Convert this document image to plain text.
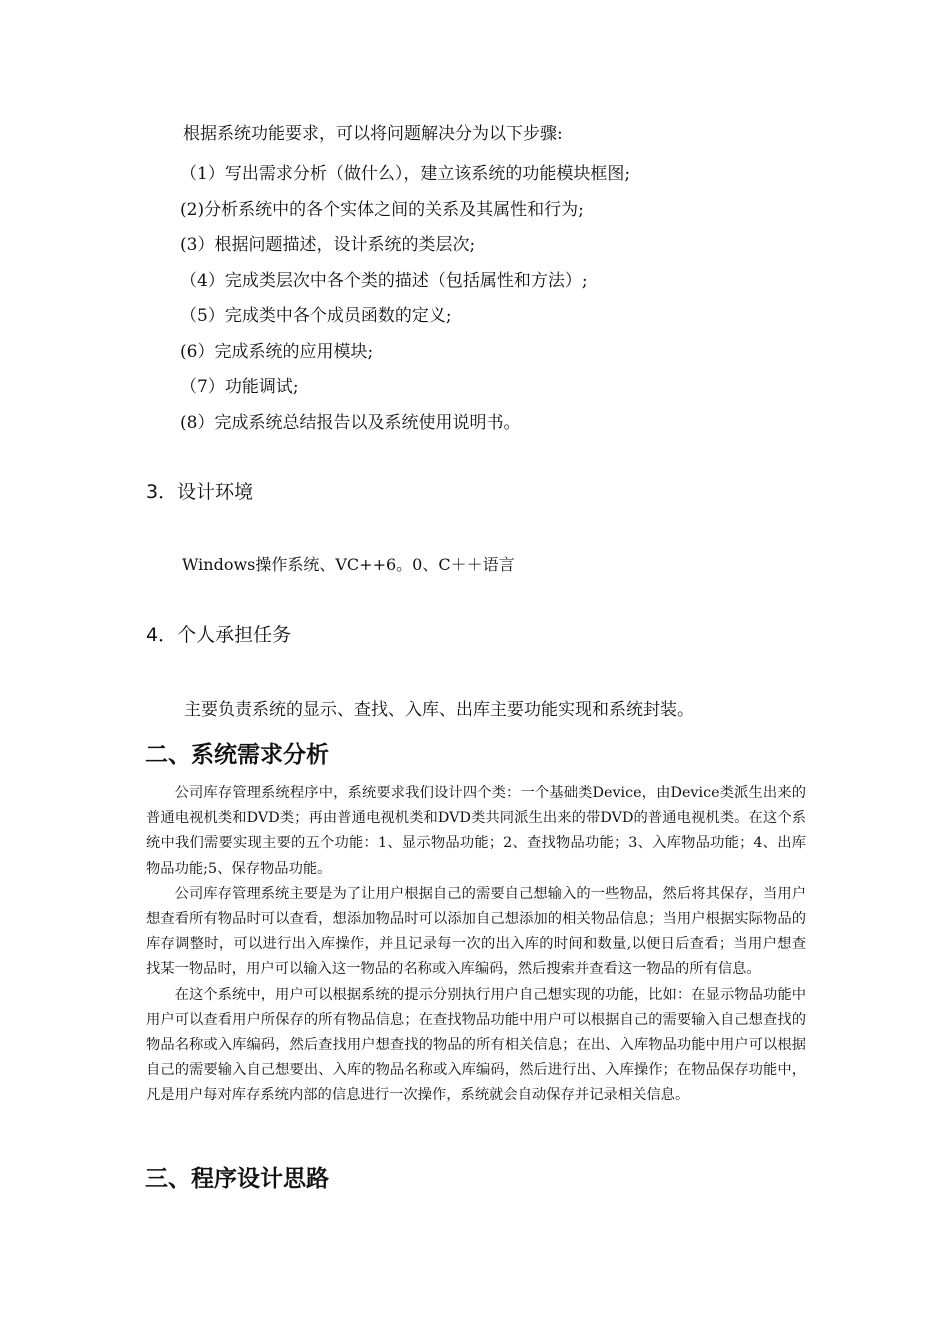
根据系统功能要求，可以将问题解决分为以下步骤:
（1）写出需求分析（做什么），建立该系统的功能模块框图;
(2)分析系统中的各个实体之间的关系及其属性和行为;
(3）根据问题描述，设计系统的类层次;
（4）完成类层次中各个类的描述（包括属性和方法）;
（5）完成类中各个成员函数的定义;
(6）完成系统的应用模块;
（7）功能调试;
(8）完成系统总结报告以及系统使用说明书。
3．设计环境
Windows操作系统、VC++6。0、C＋＋语言
4．个人承担任务
主要负责系统的显示、查找、入库、出库主要功能实现和系统封装。
二、系统需求分析

公司库存管理系统程序中，系统要求我们设计四个类：一个基础类Device，由Device类派生出来的普通电视机类和DVD类；再由普通电视机类和DVD类共同派生出来的带DVD的普通电视机类。在这个系统中我们需要实现主要的五个功能：1、显示物品功能；2、查找物品功能；3、入库物品功能；4、出库物品功能;5、保存物品功能。

公司库存管理系统主要是为了让用户根据自己的需要自己想输入的一些物品，然后将其保存，当用户想查看所有物品时可以查看，想添加物品时可以添加自己想添加的相关物品信息；当用户根据实际物品的库存调整时，可以进行出入库操作，并且记录每一次的出入库的时间和数量,以便日后查看；当用户想查找某一物品时，用户可以输入这一物品的名称或入库编码，然后搜索并查看这一物品的所有信息。

在这个系统中，用户可以根据系统的提示分别执行用户自己想实现的功能，比如：在显示物品功能中用户可以查看用户所保存的所有物品信息；在查找物品功能中用户可以根据自己的需要输入自己想查找的物品名称或入库编码，然后查找用户想查找的物品的所有相关信息；在出、入库物品功能中用户可以根据自己的需要输入自己想要出、入库的物品名称或入库编码，然后进行出、入库操作；在物品保存功能中，凡是用户每对库存系统内部的信息进行一次操作，系统就会自动保存并记录相关信息。

三、程序设计思路
